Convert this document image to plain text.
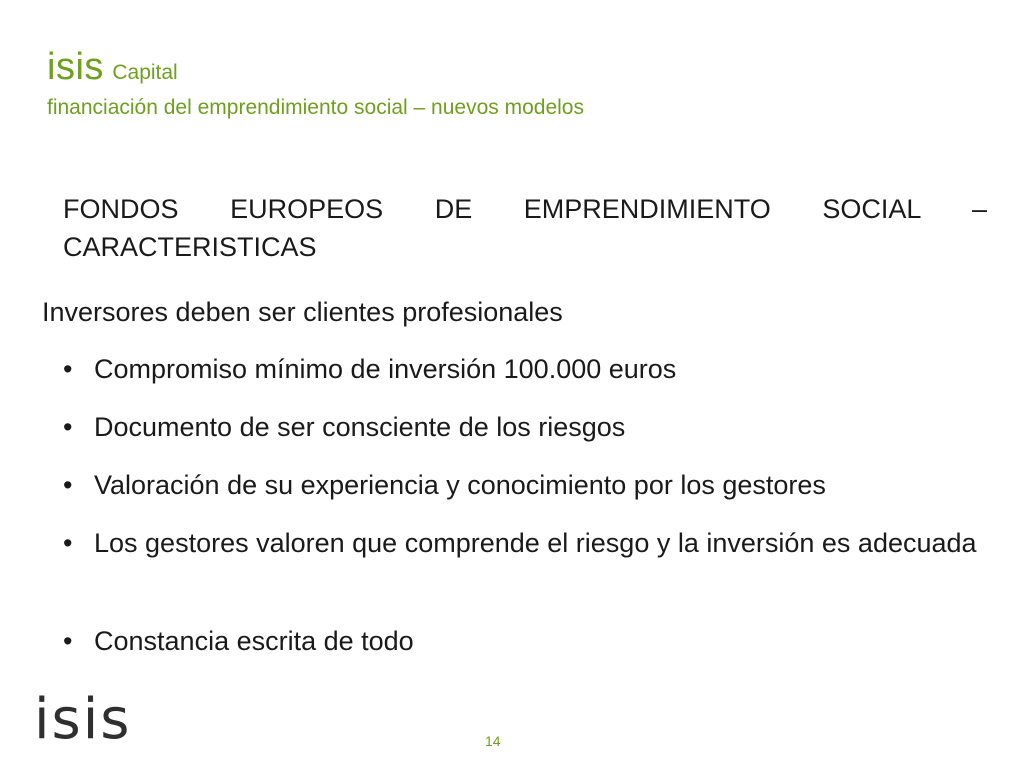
isis Capital
financiación del emprendimiento social – nuevos modelos
FONDOS EUROPEOS DE EMPRENDIMIENTO SOCIAL – CARACTERISTICAS
Inversores deben ser clientes profesionales
• Compromiso mínimo de inversión 100.000 euros
• Documento de ser consciente de los riesgos
• Valoración de su experiencia y conocimiento por los gestores
• Los gestores valoren que comprende el riesgo y la inversión es adecuada
• Constancia escrita de todo
isis	14
